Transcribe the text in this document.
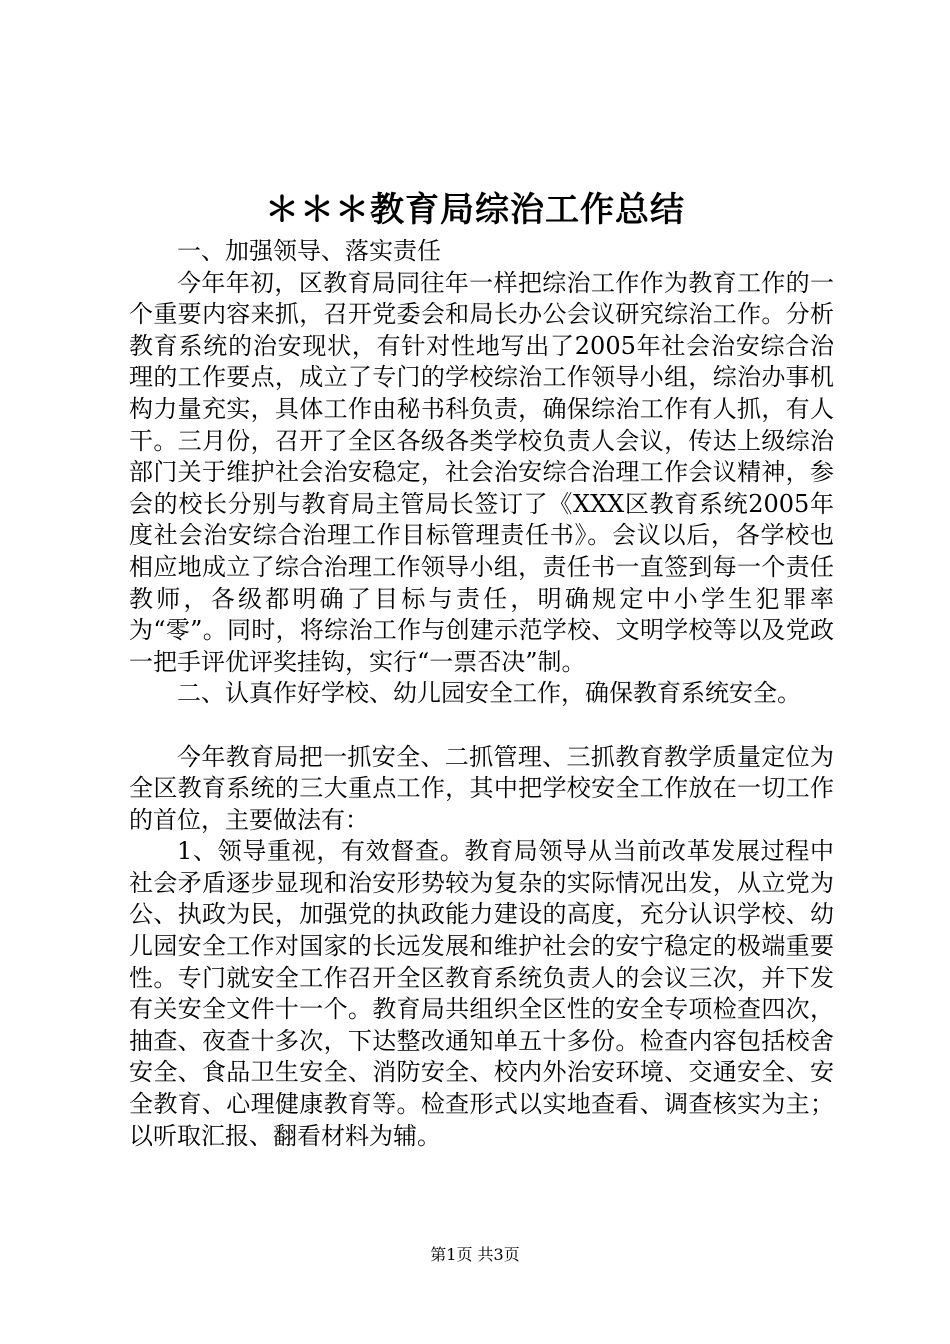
＊＊＊教育局综治工作总结

一、加强领导、落实责任

今年年初，区教育局同往年一样把综治工作作为教育工作的一个重要内容来抓，召开党委会和局长办公会议研究综治工作。分析教育系统的治安现状，有针对性地写出了2005年社会治安综合治理的工作要点，成立了专门的学校综治工作领导小组，综治办事机构力量充实，具体工作由秘书科负责，确保综治工作有人抓，有人干。三月份，召开了全区各级各类学校负责人会议，传达上级综治部门关于维护社会治安稳定，社会治安综合治理工作会议精神，参会的校长分别与教育局主管局长签订了《XXX区教育系统2005年度社会治安综合治理工作目标管理责任书》。会议以后，各学校也相应地成立了综合治理工作领导小组，责任书一直签到每一个责任教师，各级都明确了目标与责任，明确规定中小学生犯罪率为“零”。同时，将综治工作与创建示范学校、文明学校等以及党政一把手评优评奖挂钩，实行“一票否决”制。

二、认真作好学校、幼儿园安全工作，确保教育系统安全。

今年教育局把一抓安全、二抓管理、三抓教育教学质量定位为全区教育系统的三大重点工作，其中把学校安全工作放在一切工作的首位，主要做法有：

1、领导重视，有效督查。教育局领导从当前改革发展过程中社会矛盾逐步显现和治安形势较为复杂的实际情况出发，从立党为公、执政为民，加强党的执政能力建设的高度，充分认识学校、幼儿园安全工作对国家的长远发展和维护社会的安宁稳定的极端重要性。专门就安全工作召开全区教育系统负责人的会议三次，并下发有关安全文件十一个。教育局共组织全区性的安全专项检查四次，抽查、夜查十多次，下达整改通知单五十多份。检查内容包括校舍安全、食品卫生安全、消防安全、校内外治安环境、交通安全、安全教育、心理健康教育等。检查形式以实地查看、调查核实为主；以听取汇报、翻看材料为辅。

第1页 共3页
